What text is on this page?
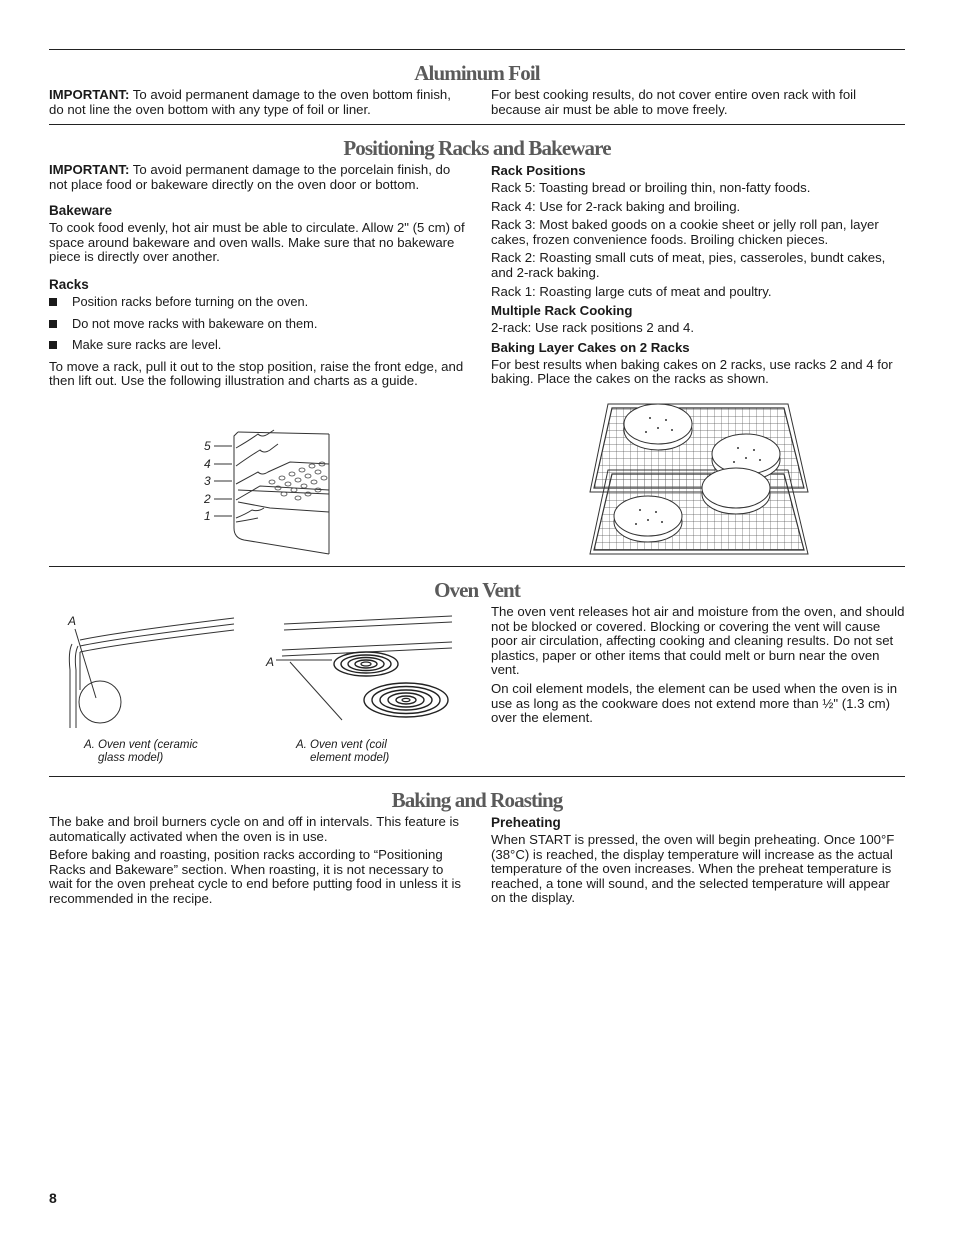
Aluminum Foil

IMPORTANT: To avoid permanent damage to the oven bottom finish, do not line the oven bottom with any type of foil or liner.

For best cooking results, do not cover entire oven rack with foil because air must be able to move freely.

Positioning Racks and Bakeware

IMPORTANT: To avoid permanent damage to the porcelain finish, do not place food or bakeware directly on the oven door or bottom.

Bakeware

To cook food evenly, hot air must be able to circulate. Allow 2" (5 cm) of space around bakeware and oven walls. Make sure that no bakeware piece is directly over another.

Racks
Position racks before turning on the oven.
Do not move racks with bakeware on them.
Make sure racks are level.

To move a rack, pull it out to the stop position, raise the front edge, and then lift out. Use the following illustration and charts as a guide.

5
4
3
2
1
Rack Positions

Rack 5: Toasting bread or broiling thin, non-fatty foods.

Rack 4: Use for 2-rack baking and broiling.

Rack 3: Most baked goods on a cookie sheet or jelly roll pan, layer cakes, frozen convenience foods. Broiling chicken pieces.

Rack 2: Roasting small cuts of meat, pies, casseroles, bundt cakes, and 2-rack baking.

Rack 1: Roasting large cuts of meat and poultry.

Multiple Rack Cooking

2-rack: Use rack positions 2 and 4.

Baking Layer Cakes on 2 Racks

For best results when baking cakes on 2 racks, use racks 2 and 4 for baking. Place the cakes on the racks as shown.

Oven Vent
A
A. Oven vent (ceramic
glass model)
A
A. Oven vent (coil
element model)

The oven vent releases hot air and moisture from the oven, and should not be blocked or covered. Blocking or covering the vent will cause poor air circulation, affecting cooking and cleaning results. Do not set plastics, paper or other items that could melt or burn near the oven vent.

On coil element models, the element can be used when the oven is in use as long as the cookware does not extend more than ½" (1.3 cm) over the element.

Baking and Roasting

The bake and broil burners cycle on and off in intervals. This feature is automatically activated when the oven is in use.

Before baking and roasting, position racks according to “Positioning Racks and Bakeware” section. When roasting, it is not necessary to wait for the oven preheat cycle to end before putting food in unless it is recommended in the recipe.

Preheating

When START is pressed, the oven will begin preheating. Once 100°F (38°C) is reached, the display temperature will increase as the actual temperature of the oven increases. When the preheat temperature is reached, a tone will sound, and the selected temperature will appear on the display.

8
